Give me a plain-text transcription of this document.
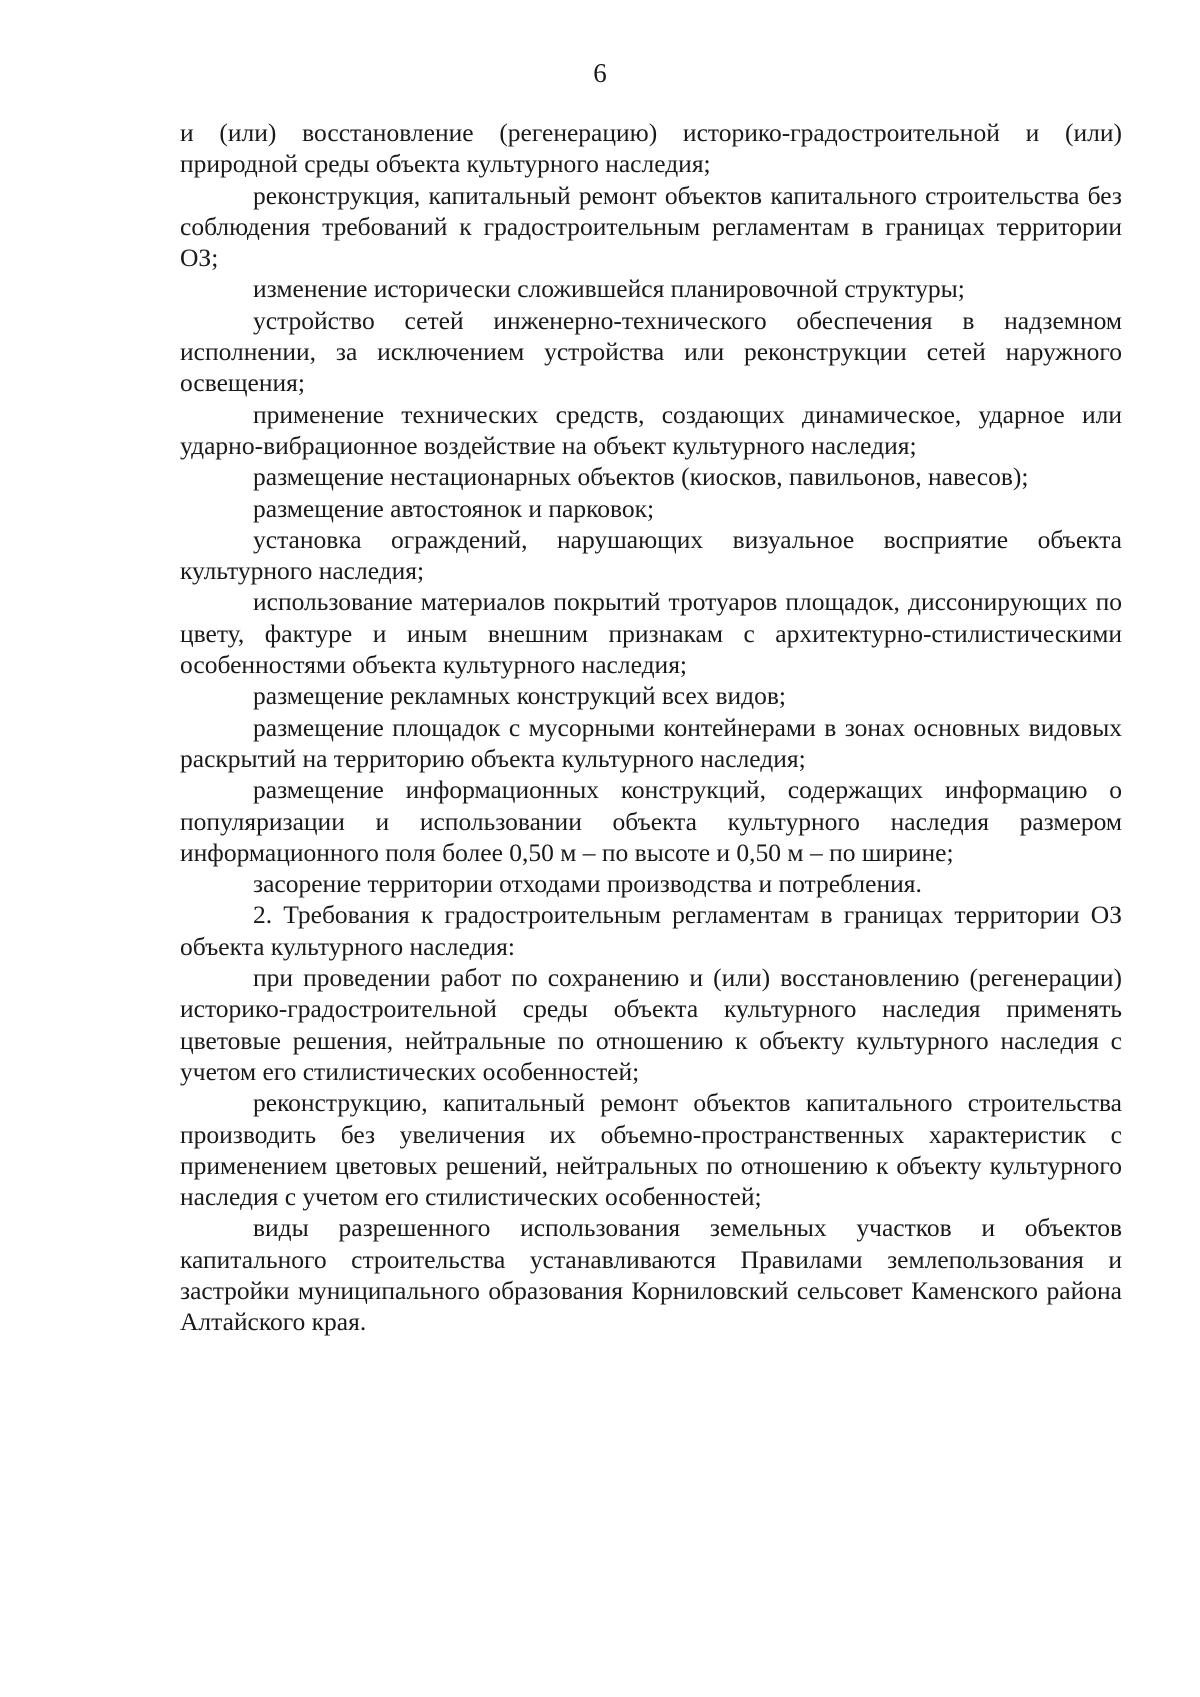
6

и (или) восстановление (регенерацию) историко-градостроительной и (или) природной среды объекта культурного наследия;

реконструкция, капитальный ремонт объектов капитального строительства без соблюдения требований к градостроительным регламентам в границах территории ОЗ;

изменение исторически сложившейся планировочной структуры;

устройство сетей инженерно-технического обеспечения в надземном исполнении, за исключением устройства или реконструкции сетей наружного освещения;

применение технических средств, создающих динамическое, ударное или ударно-вибрационное воздействие на объект культурного наследия;

размещение нестационарных объектов (киосков, павильонов, навесов);

размещение автостоянок и парковок;

установка ограждений, нарушающих визуальное восприятие объекта культурного наследия;

использование материалов покрытий тротуаров площадок, диссонирующих по цвету, фактуре и иным внешним признакам с архитектурно-стилистическими особенностями объекта культурного наследия;

размещение рекламных конструкций всех видов;

размещение площадок с мусорными контейнерами в зонах основных видовых раскрытий на территорию объекта культурного наследия;

размещение информационных конструкций, содержащих информацию о популяризации и использовании объекта культурного наследия размером информационного поля более 0,50 м – по высоте и 0,50 м – по ширине;

засорение территории отходами производства и потребления.

2. Требования к градостроительным регламентам в границах территории ОЗ объекта культурного наследия:

при проведении работ по сохранению и (или) восстановлению (регенерации) историко-градостроительной среды объекта культурного наследия применять цветовые решения, нейтральные по отношению к объекту культурного наследия с учетом его стилистических особенностей;

реконструкцию, капитальный ремонт объектов капитального строительства производить без увеличения их объемно-пространственных характеристик с применением цветовых решений, нейтральных по отношению к объекту культурного наследия с учетом его стилистических особенностей;

виды разрешенного использования земельных участков и объектов капитального строительства устанавливаются Правилами землепользования и застройки муниципального образования Корниловский сельсовет Каменского района Алтайского края.
